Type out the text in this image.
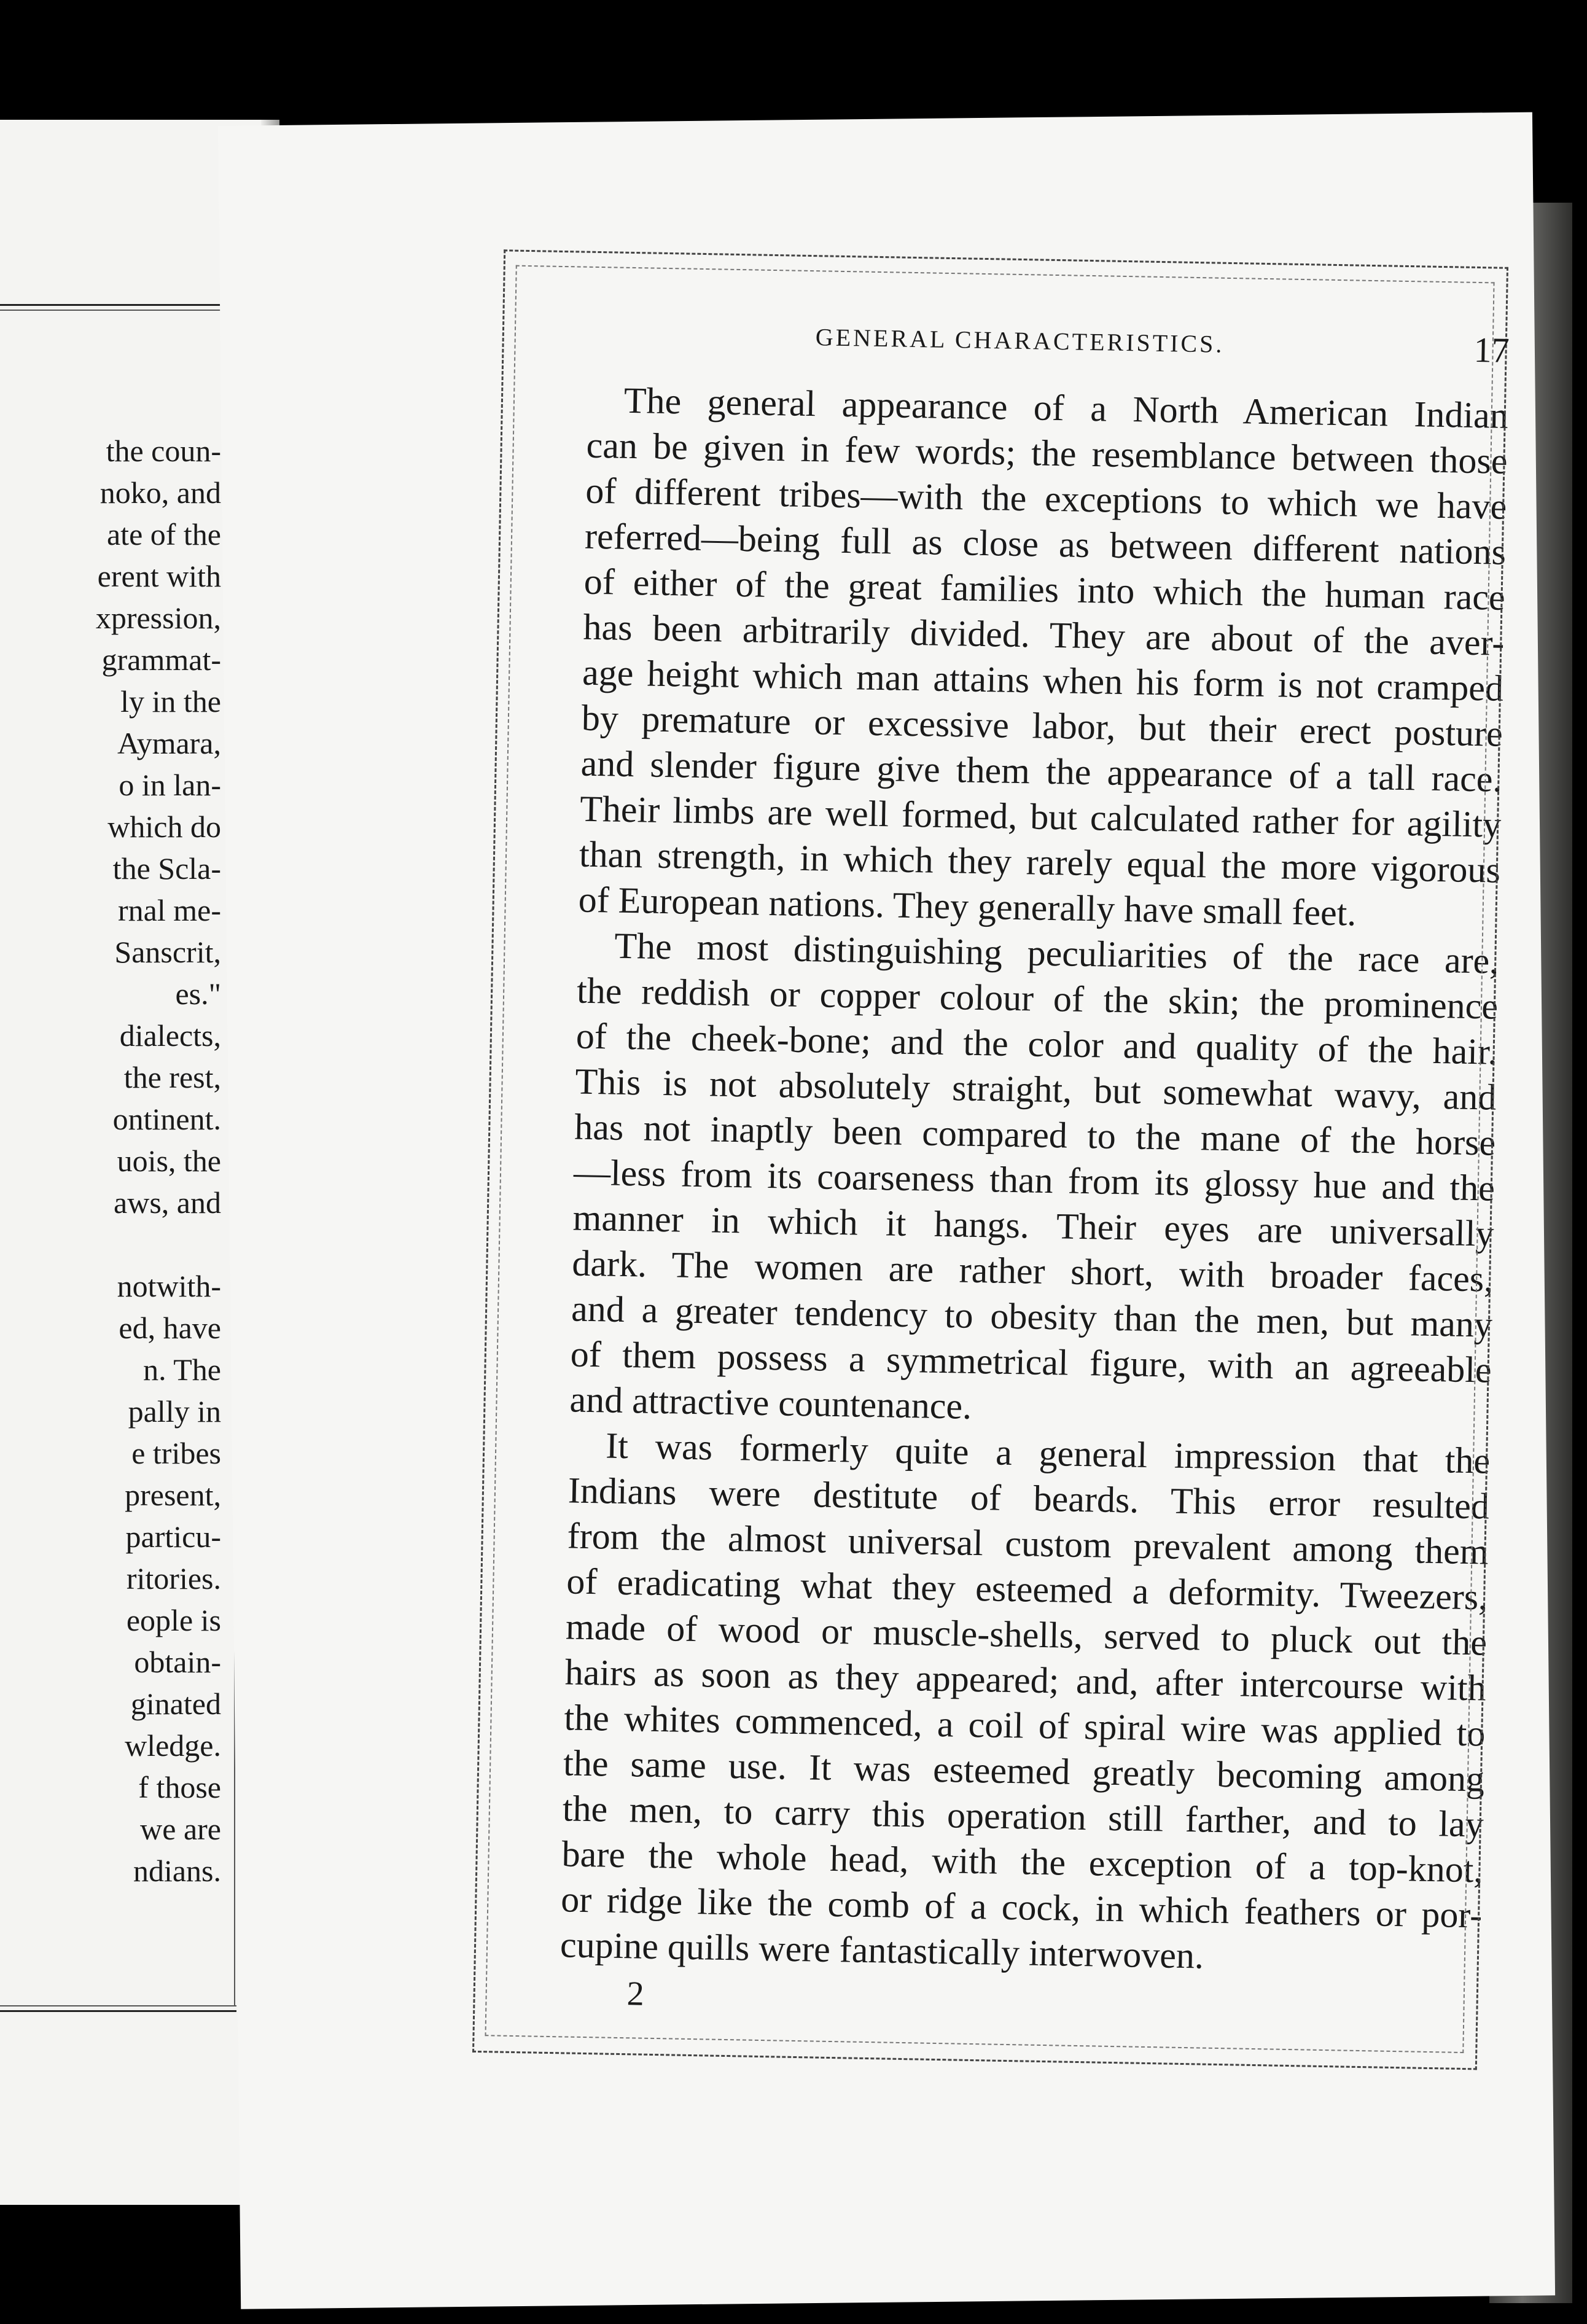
the coun-
noko, and
ate of the
erent with
xpression,
grammat-
ly in the
Aymara,
o in lan-
which do
the Scla-
rnal me-
Sanscrit,
es."
dialects,
the rest,
ontinent.
uois, the
aws, and
notwith-
ed, have
n. The
pally in
e tribes
present,
particu-
ritories.
eople is
obtain-
ginated
wledge.
f those
we are
ndians.
GENERAL CHARACTERISTICS.	17
The general appearance of a North American Indian
can be given in few words; the resemblance between those
of different tribes—with the exceptions to which we have
referred—being full as close as between different nations
of either of the great families into which the human race
has been arbitrarily divided. They are about of the aver-
age height which man attains when his form is not cramped
by premature or excessive labor, but their erect posture
and slender figure give them the appearance of a tall race.
Their limbs are well formed, but calculated rather for agility
than strength, in which they rarely equal the more vigorous
of European nations. They generally have small feet.
The most distinguishing peculiarities of the race are,
the reddish or copper colour of the skin; the prominence
of the cheek-bone; and the color and quality of the hair.
This is not absolutely straight, but somewhat wavy, and
has not inaptly been compared to the mane of the horse
—less from its coarseness than from its glossy hue and the
manner in which it hangs. Their eyes are universally
dark. The women are rather short, with broader faces,
and a greater tendency to obesity than the men, but many
of them possess a symmetrical figure, with an agreeable
and attractive countenance.
It was formerly quite a general impression that the
Indians were destitute of beards. This error resulted
from the almost universal custom prevalent among them
of eradicating what they esteemed a deformity. Tweezers,
made of wood or muscle-shells, served to pluck out the
hairs as soon as they appeared; and, after intercourse with
the whites commenced, a coil of spiral wire was applied to
the same use. It was esteemed greatly becoming among
the men, to carry this operation still farther, and to lay
bare the whole head, with the exception of a top-knot,
or ridge like the comb of a cock, in which feathers or por-
cupine quills were fantastically interwoven.
2
